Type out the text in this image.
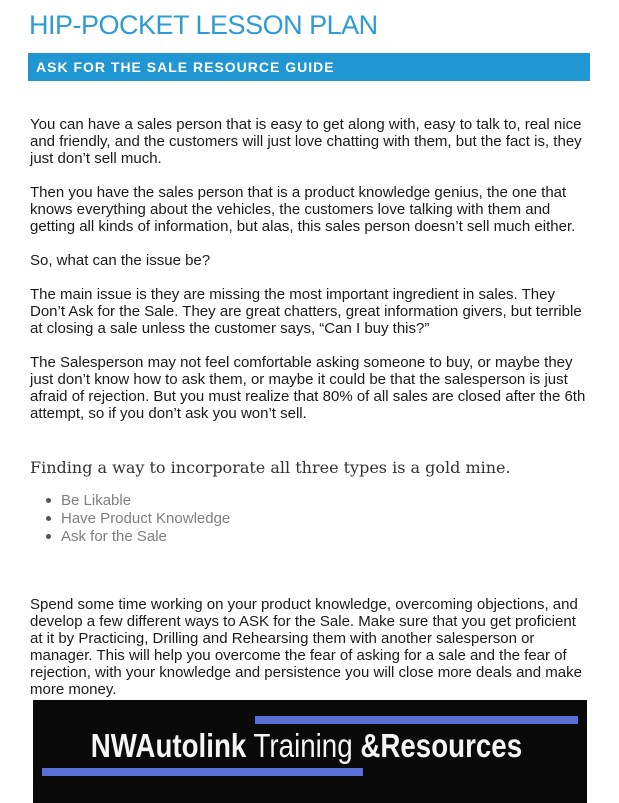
HIP-POCKET LESSON PLAN
ASK FOR THE SALE RESOURCE GUIDE

You can have a sales person that is easy to get along with, easy to talk to, real nice and friendly, and the customers will just love chatting with them, but the fact is, they just don’t sell much.

Then you have the sales person that is a product knowledge genius, the one that knows everything about the vehicles, the customers love talking with them and getting all kinds of information, but alas, this sales person doesn’t sell much either.

So, what can the issue be?

The main issue is they are missing the most important ingredient in sales. They Don’t Ask for the Sale. They are great chatters, great information givers, but terrible at closing a sale unless the customer says, “Can I buy this?”

The Salesperson may not feel comfortable asking someone to buy, or maybe they just don’t know how to ask them, or maybe it could be that the salesperson is just afraid of rejection. But you must realize that 80% of all sales are closed after the 6th attempt, so if you don’t ask you won’t sell.

Finding a way to incorporate all three types is a gold mine.

Be Likable
Have Product Knowledge
Ask for the Sale

Spend some time working on your product knowledge, overcoming objections, and develop a few different ways to ASK for the Sale. Make sure that you get proficient at it by Practicing, Drilling and Rehearsing them with another salesperson or manager. This will help you overcome the fear of asking for a sale and the fear of rejection, with your knowledge and persistence you will close more deals and make more money.

NWAutolink Training &Resources
